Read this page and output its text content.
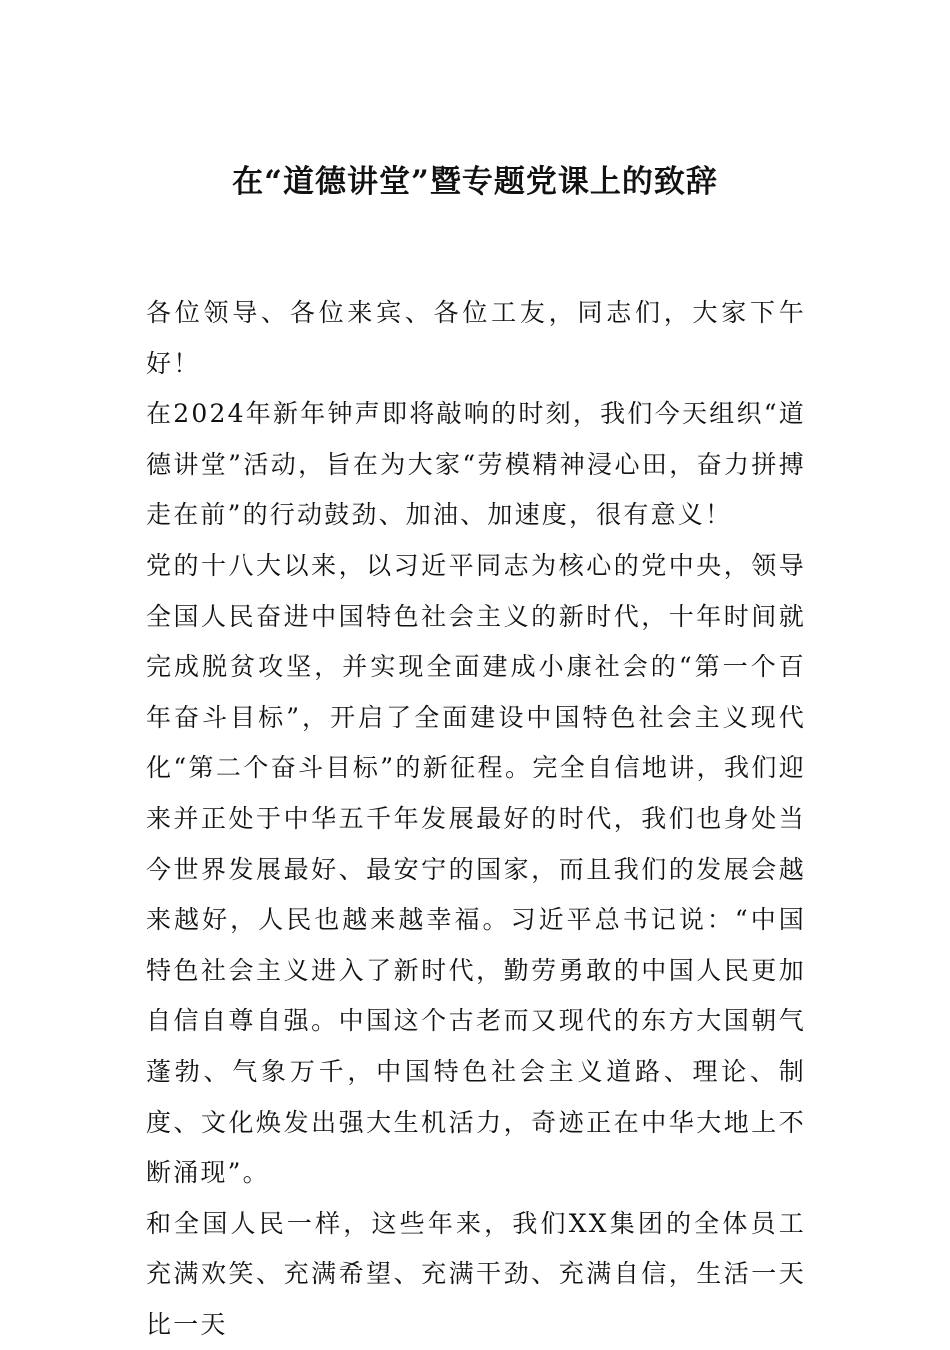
在“道德讲堂”暨专题党课上的致辞

各位领导、各位来宾、各位工友，同志们，大家下午好！

在2024年新年钟声即将敲响的时刻，我们今天组织“道德讲堂”活动，旨在为大家“劳模精神浸心田，奋力拼搏走在前”的行动鼓劲、加油、加速度，很有意义！

党的十八大以来，以习近平同志为核心的党中央，领导全国人民奋进中国特色社会主义的新时代，十年时间就完成脱贫攻坚，并实现全面建成小康社会的“第一个百年奋斗目标”，开启了全面建设中国特色社会主义现代化“第二个奋斗目标”的新征程。完全自信地讲，我们迎来并正处于中华五千年发展最好的时代，我们也身处当今世界发展最好、最安宁的国家，而且我们的发展会越来越好，人民也越来越幸福。习近平总书记说：“中国特色社会主义进入了新时代，勤劳勇敢的中国人民更加自信自尊自强。中国这个古老而又现代的东方大国朝气蓬勃、气象万千，中国特色社会主义道路、理论、制度、文化焕发出强大生机活力，奇迹正在中华大地上不断涌现”。

和全国人民一样，这些年来，我们XX集团的全体员工充满欢笑、充满希望、充满干劲、充满自信，生活一天比一天
